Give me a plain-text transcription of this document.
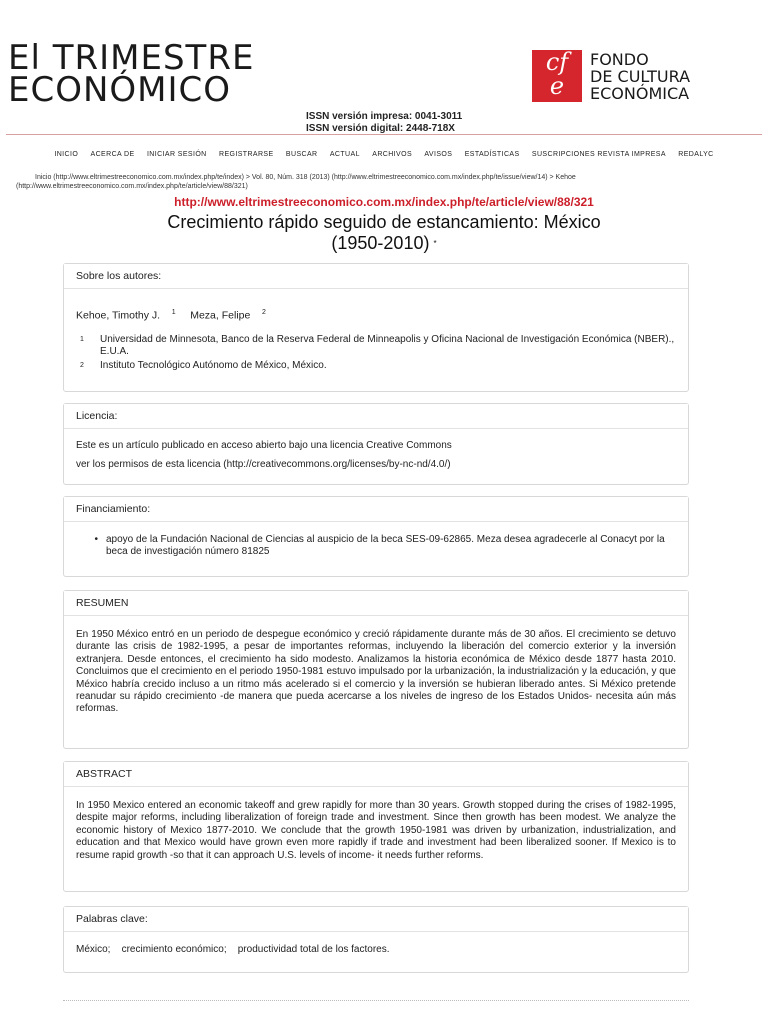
El TRIMESTRE
ECONÓMICO
cf
e
FONDO
DE CULTURA
ECONÓMICA
ISSN versión impresa: 0041-3011
ISSN versión digital: 2448-718X
INICIO ACERCA DE INICIAR SESIÓN REGISTRARSE BUSCAR ACTUAL ARCHIVOS AVISOS ESTADÍSTICAS SUSCRIPCIONES REVISTA IMPRESA REDALYC
Inicio (http://www.eltrimestreeconomico.com.mx/index.php/te/index) > Vol. 80, Núm. 318 (2013) (http://www.eltrimestreeconomico.com.mx/index.php/te/issue/view/14) > Kehoe
(http://www.eltrimestreeconomico.com.mx/index.php/te/article/view/88/321)
http://www.eltrimestreeconomico.com.mx/index.php/te/article/view/88/321
Crecimiento rápido seguido de estancamiento: México
(1950-2010) *
Sobre los autores:
Kehoe, Timothy J. $^1$ Meza, Felipe $^2$
$^1$	Universidad de Minnesota, Banco de la Reserva Federal de Minneapolis y Oficina Nacional de Investigación Económica (NBER)., E.U.A.
$^2$	Instituto Tecnológico Autónomo de México, México.
Licencia:

Este es un artículo publicado en acceso abierto bajo una licencia Creative Commons

ver los permisos de esta licencia (http://creativecommons.org/licenses/by-nc-nd/4.0/)

Financiamiento:
• apoyo de la Fundación Nacional de Ciencias al auspicio de la beca SES-09-62865. Meza desea agradecerle al Conacyt por la beca de investigación número 81825
RESUMEN

En 1950 México entró en un periodo de despegue económico y creció rápidamente durante más de 30 años. El crecimiento se detuvo durante las crisis de 1982-1995, a pesar de importantes reformas, incluyendo la liberación del comercio exterior y la inversión extranjera. Desde entonces, el crecimiento ha sido modesto. Analizamos la historia económica de México desde 1877 hasta 2010. Concluimos que el crecimiento en el periodo 1950-1981 estuvo impulsado por la urbanización, la industrialización y la educación, y que México habría crecido incluso a un ritmo más acelerado si el comercio y la inversión se hubieran liberado antes. Si México pretende reanudar su rápido crecimiento -de manera que pueda acercarse a los niveles de ingreso de los Estados Unidos- necesita aún más reformas.

ABSTRACT

In 1950 Mexico entered an economic takeoff and grew rapidly for more than 30 years. Growth stopped during the crises of 1982-1995, despite major reforms, including liberalization of foreign trade and investment. Since then growth has been modest. We analyze the economic history of Mexico 1877-2010. We conclude that the growth 1950-1981 was driven by urbanization, industrialization, and education and that Mexico would have grown even more rapidly if trade and investment had been liberalized sooner. If Mexico is to resume rapid growth -so that it can approach U.S. levels of income- it needs further reforms.

Palabras clave:
México; crecimiento económico; productividad total de los factores.
